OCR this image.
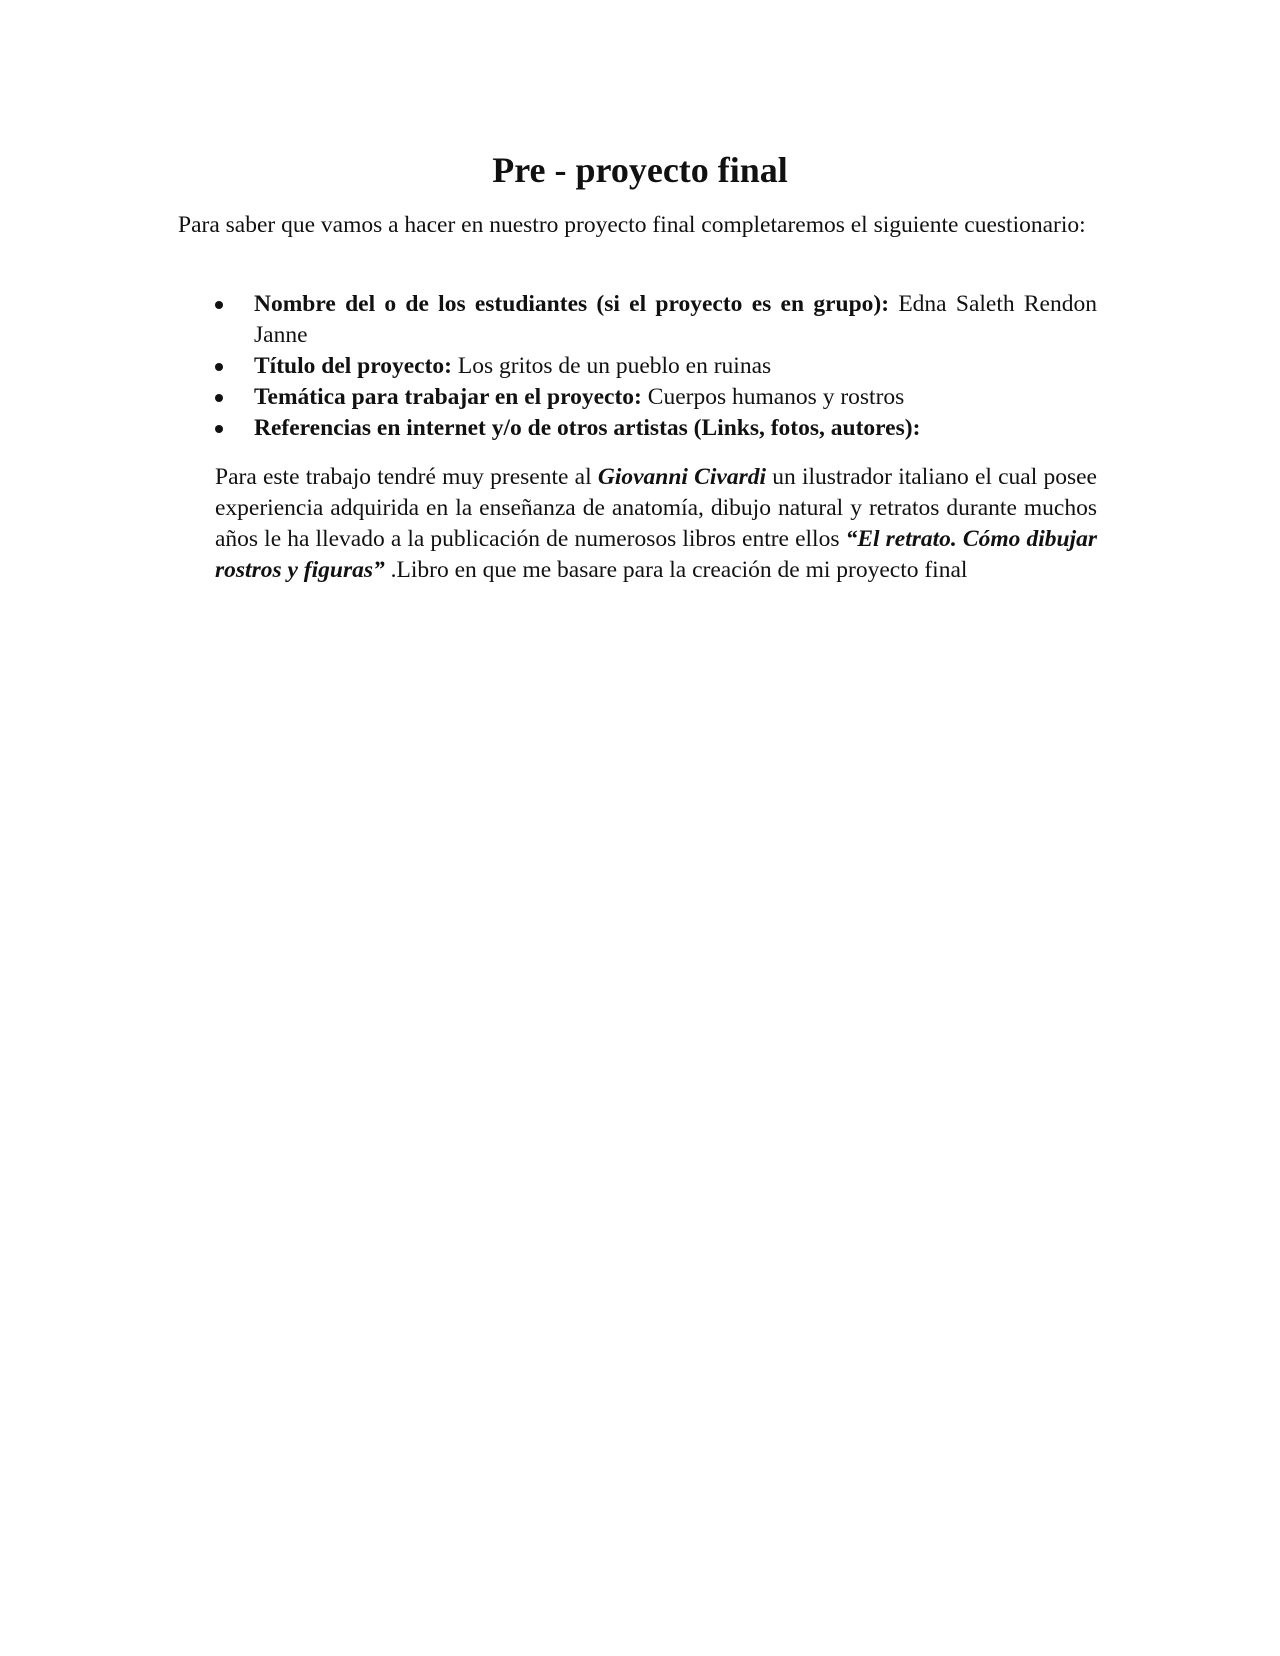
Pre - proyecto final

Para saber que vamos a hacer en nuestro proyecto final completaremos el siguiente cuestionario:

Nombre del o de los estudiantes (si el proyecto es en grupo): Edna Saleth Rendon Janne
Título del proyecto: Los gritos de un pueblo en ruinas
Temática para trabajar en el proyecto: Cuerpos humanos y rostros
Referencias en internet y/o de otros artistas (Links, fotos, autores):

Para este trabajo tendré muy presente al Giovanni Civardi un ilustrador italiano el cual posee experiencia adquirida en la enseñanza de anatomía, dibujo natural y retratos durante muchos años le ha llevado a la publicación de numerosos libros entre ellos “El retrato. Cómo dibujar rostros y figuras” .Libro en que me basare para la creación de mi proyecto final
